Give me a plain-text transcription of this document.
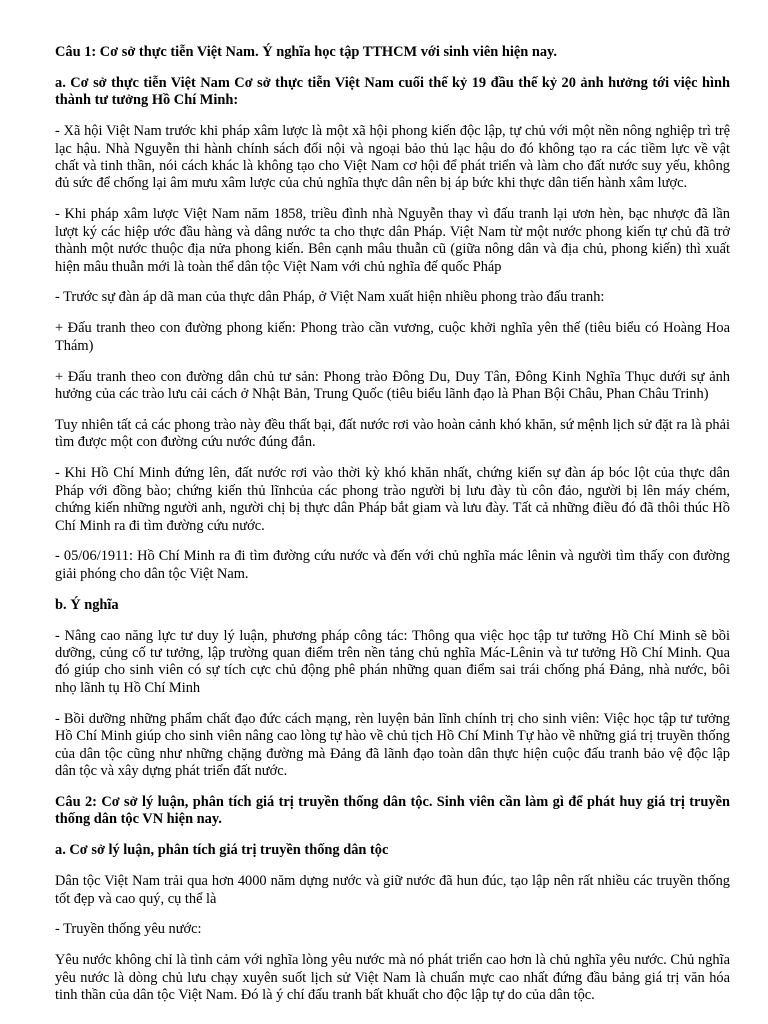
Câu 1: Cơ sở thực tiễn Việt Nam. Ý nghĩa học tập TTHCM với sinh viên hiện nay.

a. Cơ sở thực tiễn Việt Nam Cơ sở thực tiễn Việt Nam cuối thế kỷ 19 đầu thế kỷ 20 ảnh hưởng tới việc hình thành tư tưởng Hồ Chí Minh:

- Xã hội Việt Nam trước khi pháp xâm lược là một xã hội phong kiến độc lập, tự chủ với một nền nông nghiệp trì trệ lạc hậu. Nhà Nguyễn thi hành chính sách đối nội và ngoại bảo thủ lạc hậu do đó không tạo ra các tiềm lực về vật chất và tinh thần, nói cách khác là không tạo cho Việt Nam cơ hội để phát triển và làm cho đất nước suy yếu, không đủ sức để chống lại âm mưu xâm lược của chủ nghĩa thực dân nên bị áp bức khi thực dân tiến hành xâm lược.

- Khi pháp xâm lược Việt Nam năm 1858, triều đình nhà Nguyễn thay vì đấu tranh lại ươn hèn, bạc nhược đã lần lượt ký các hiệp ước đầu hàng và dâng nước ta cho thực dân Pháp. Việt Nam từ một nước phong kiến tự chủ đã trở thành một nước thuộc địa nửa phong kiến. Bên cạnh mâu thuẫn cũ (giữa nông dân và địa chủ, phong kiến) thì xuất hiện mâu thuẫn mới là toàn thể dân tộc Việt Nam với chủ nghĩa đế quốc Pháp

- Trước sự đàn áp dã man của thực dân Pháp, ở Việt Nam xuất hiện nhiều phong trào đấu tranh:

+ Đấu tranh theo con đường phong kiến: Phong trào cần vương, cuộc khởi nghĩa yên thế (tiêu biểu có Hoàng Hoa Thám)

+ Đấu tranh theo con đường dân chủ tư sản: Phong trào Đông Du, Duy Tân, Đông Kinh Nghĩa Thục dưới sự ảnh hưởng của các trào lưu cải cách ở Nhật Bản, Trung Quốc (tiêu biểu lãnh đạo là Phan Bội Châu, Phan Châu Trinh)

Tuy nhiên tất cả các phong trào này đều thất bại, đất nước rơi vào hoàn cảnh khó khăn, sứ mệnh lịch sử đặt ra là phải tìm được một con đường cứu nước đúng đắn.

- Khi Hồ Chí Minh đứng lên, đất nước rơi vào thời kỳ khó khăn nhất, chứng kiến sự đàn áp bóc lột của thực dân Pháp với đồng bào; chứng kiến thủ lĩnhcủa các phong trào người bị lưu đày tù côn đảo, người bị lên máy chém, chứng kiến những người anh, người chị bị thực dân Pháp bắt giam và lưu đày. Tất cả những điều đó đã thôi thúc Hồ Chí Minh ra đi tìm đường cứu nước.

- 05/06/1911: Hồ Chí Minh ra đi tìm đường cứu nước và đến với chủ nghĩa mác lênin và người tìm thấy con đường giải phóng cho dân tộc Việt Nam.

b. Ý nghĩa

- Nâng cao năng lực tư duy lý luận, phương pháp công tác: Thông qua việc học tập tư tưởng Hồ Chí Minh sẽ bồi dưỡng, củng cố tư tưởng, lập trường quan điểm trên nền tảng chủ nghĩa Mác-Lênin và tư tưởng Hồ Chí Minh. Qua đó giúp cho sinh viên có sự tích cực chủ động phê phán những quan điểm sai trái chống phá Đảng, nhà nước, bôi nhọ lãnh tụ Hồ Chí Minh

- Bồi dưỡng những phẩm chất đạo đức cách mạng, rèn luyện bản lĩnh chính trị cho sinh viên: Việc học tập tư tưởng Hồ Chí Minh giúp cho sinh viên nâng cao lòng tự hào về chủ tịch Hồ Chí Minh Tự hào về những giá trị truyền thống của dân tộc cũng như những chặng đường mà Đảng đã lãnh đạo toàn dân thực hiện cuộc đấu tranh bảo vệ độc lập dân tộc và xây dựng phát triển đất nước.

Câu 2: Cơ sở lý luận, phân tích giá trị truyền thống dân tộc. Sinh viên cần làm gì để phát huy giá trị truyền thống dân tộc VN hiện nay.

a. Cơ sở lý luận, phân tích giá trị truyền thống dân tộc

Dân tộc Việt Nam trải qua hơn 4000 năm dựng nước và giữ nước đã hun đúc, tạo lập nên rất nhiều các truyền thống tốt đẹp và cao quý, cụ thể là

- Truyền thống yêu nước:

Yêu nước không chỉ là tình cảm với nghĩa lòng yêu nước mà nó phát triển cao hơn là chủ nghĩa yêu nước. Chủ nghĩa yêu nước là dòng chủ lưu chạy xuyên suốt lịch sử Việt Nam là chuẩn mực cao nhất đứng đầu bảng giá trị văn hóa tinh thần của dân tộc Việt Nam. Đó là ý chí đấu tranh bất khuất cho độc lập tự do của dân tộc.
